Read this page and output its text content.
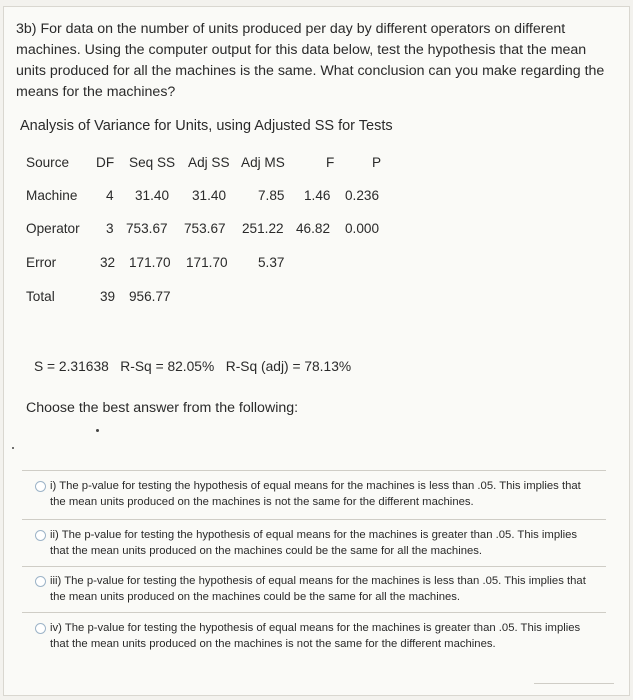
3b) For data on the number of units produced per day by different operators on different machines. Using the computer output for this data below, test the hypothesis that the mean units produced for all the machines is the same. What conclusion can you make regarding the means for the machines?
Analysis of Variance for Units, using Adjusted SS for Tests
Source DF Seq SS Adj SS Adj MS	F	P
Machine 4 31.40 31.40 7.85 1.46 0.236
Operator 3 753.67 753.67 251.22 46.82 0.000
Error	32 171.70 171.70 5.37
Total	39 956.77
S = 2.31638   R-Sq = 82.05%   R-Sq (adj) = 78.13%
Choose the best answer from the following:
i) The p-value for testing the hypothesis of equal means for the machines is less than .05. This implies that the mean units produced on the machines is not the same for the different machines.
ii) The p-value for testing the hypothesis of equal means for the machines is greater than .05. This implies that the mean units produced on the machines could be the same for all the machines.
iii) The p-value for testing the hypothesis of equal means for the machines is less than .05. This implies that the mean units produced on the machines could be the same for all the machines.
iv) The p-value for testing the hypothesis of equal means for the machines is greater than .05. This implies that the mean units produced on the machines is not the same for the different machines.
